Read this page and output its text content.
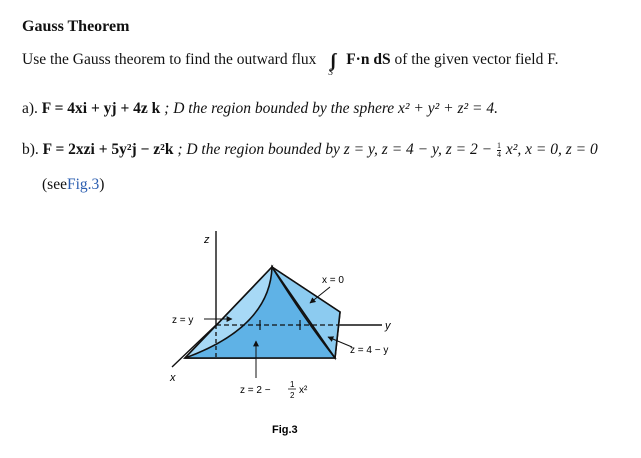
Gauss Theorem
Use the Gauss theorem to find the outward flux
S
F·n dS of the given vector field F.
a). F = 4xi + yj + 4z k ; D the region bounded by the sphere x² + y² + z² = 4.
b). F = 2xzi + 5y²j − z²k ; D the region bounded by z = y, z = 4 − y, $z = 2 - \frac{1}{4} x^2$, x = 0, z = 0
(seeFig.3)
z
x
y
x = 0
z = y
z = 4 − y
z = 2 −
1
2 x²
Fig.3
